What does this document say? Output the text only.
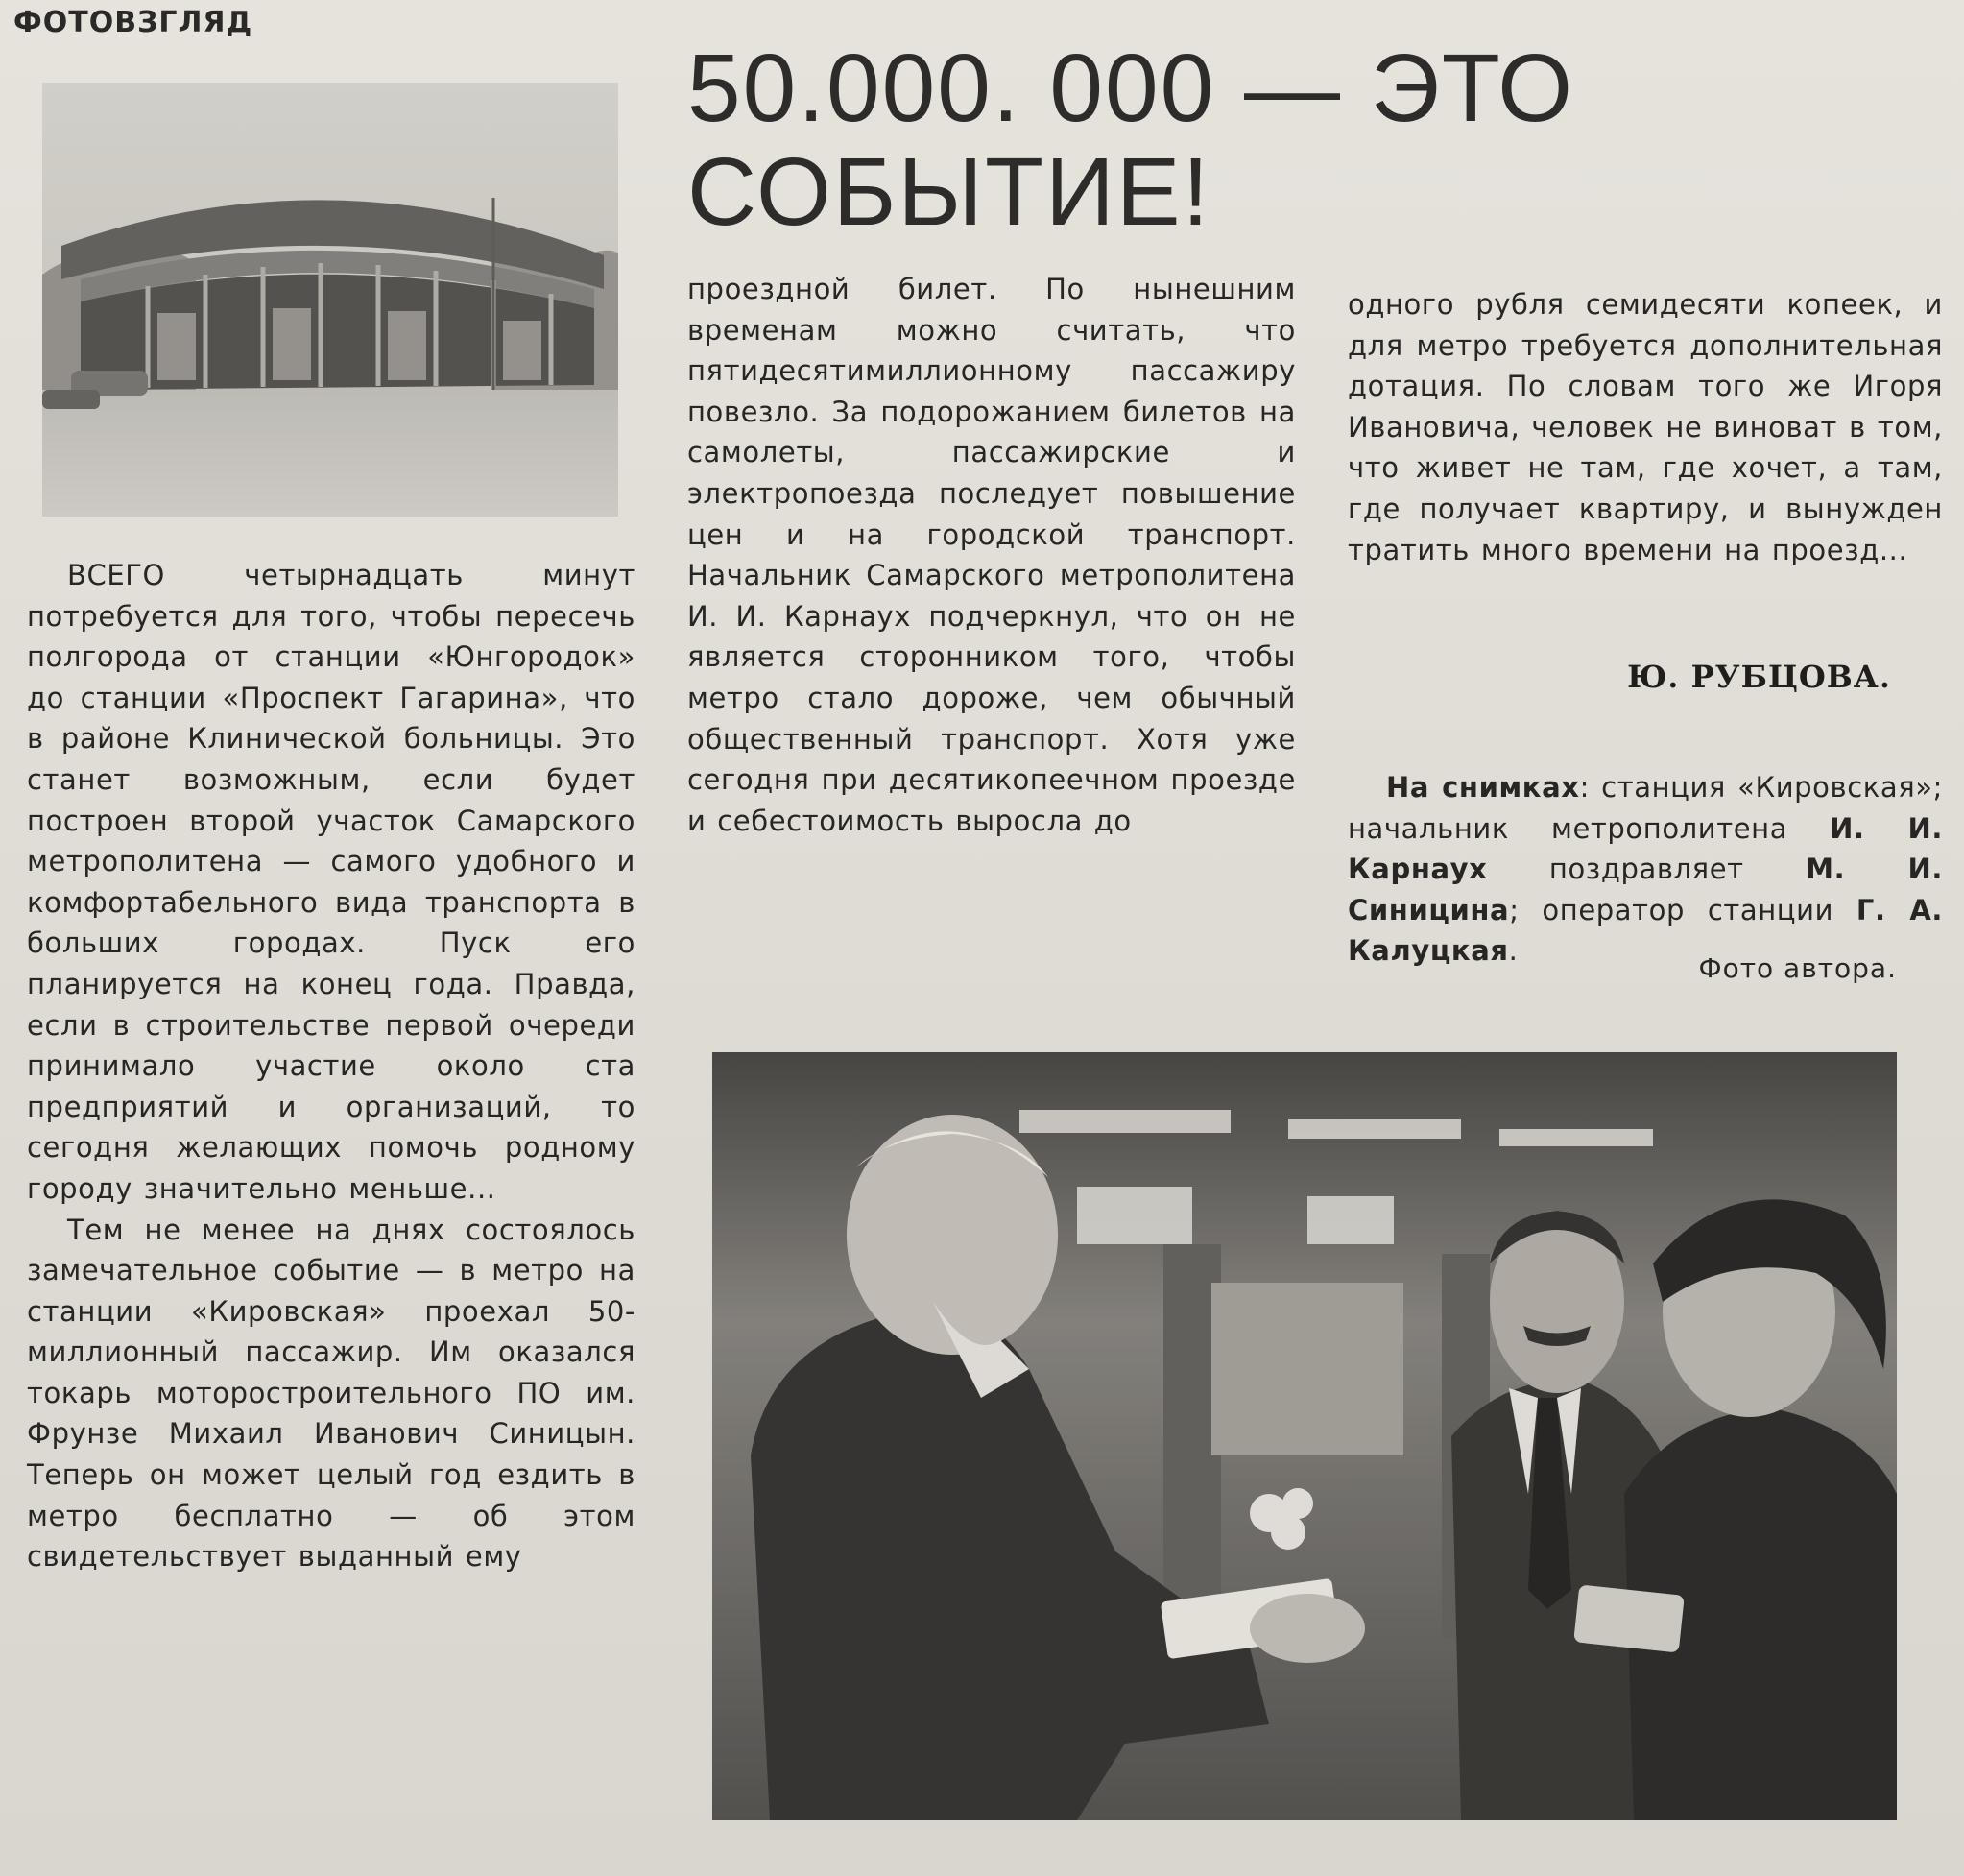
ФОТОВЗГЛЯД
50.000. 000 — ЭТО
СОБЫТИЕ!

ВСЕГО четырнадцать минут потребуется для того, чтобы пересечь полгорода от станции «Юнгородок» до станции «Проспект Гагарина», что в районе Клинической больницы. Это станет возможным, если будет построен второй участок Самарского метрополитена — самого удобного и комфортабельного вида транспорта в больших городах. Пуск его планируется на конец года. Правда, если в строительстве первой очереди принимало участие около ста предприятий и организаций, то сегодня желающих помочь родному городу значительно меньше...

Тем не менее на днях состоялось замечательное событие — в метро на станции «Кировская» проехал 50-миллионный пассажир. Им оказался токарь моторостроительного ПО им. Фрунзе Михаил Иванович Синицын. Теперь он может целый год ездить в метро бесплатно — об этом свидетельствует выданный ему

проездной билет. По нынешним временам можно считать, что пятидесятимиллионному пассажиру повезло. За подорожанием билетов на самолеты, пассажирские и электропоезда последует повышение цен и на городской транспорт. Начальник Самарского метрополитена И. И. Карнаух подчеркнул, что он не является сторонником того, чтобы метро стало дороже, чем обычный общественный транспорт. Хотя уже сегодня при десятикопеечном проезде и себестоимость выросла до

одного рубля семидесяти копеек, и для метро требуется дополнительная дотация. По словам того же Игоря Ивановича, человек не виноват в том, что живет не там, где хочет, а там, где получает квартиру, и вынужден тратить много времени на проезд...

Ю. РУБЦОВА.

На снимках: станция «Кировская»; начальник метрополитена И. И. Карнаух поздравляет М. И. Синицина; оператор станции Г. А. Калуцкая.

Фото автора.
